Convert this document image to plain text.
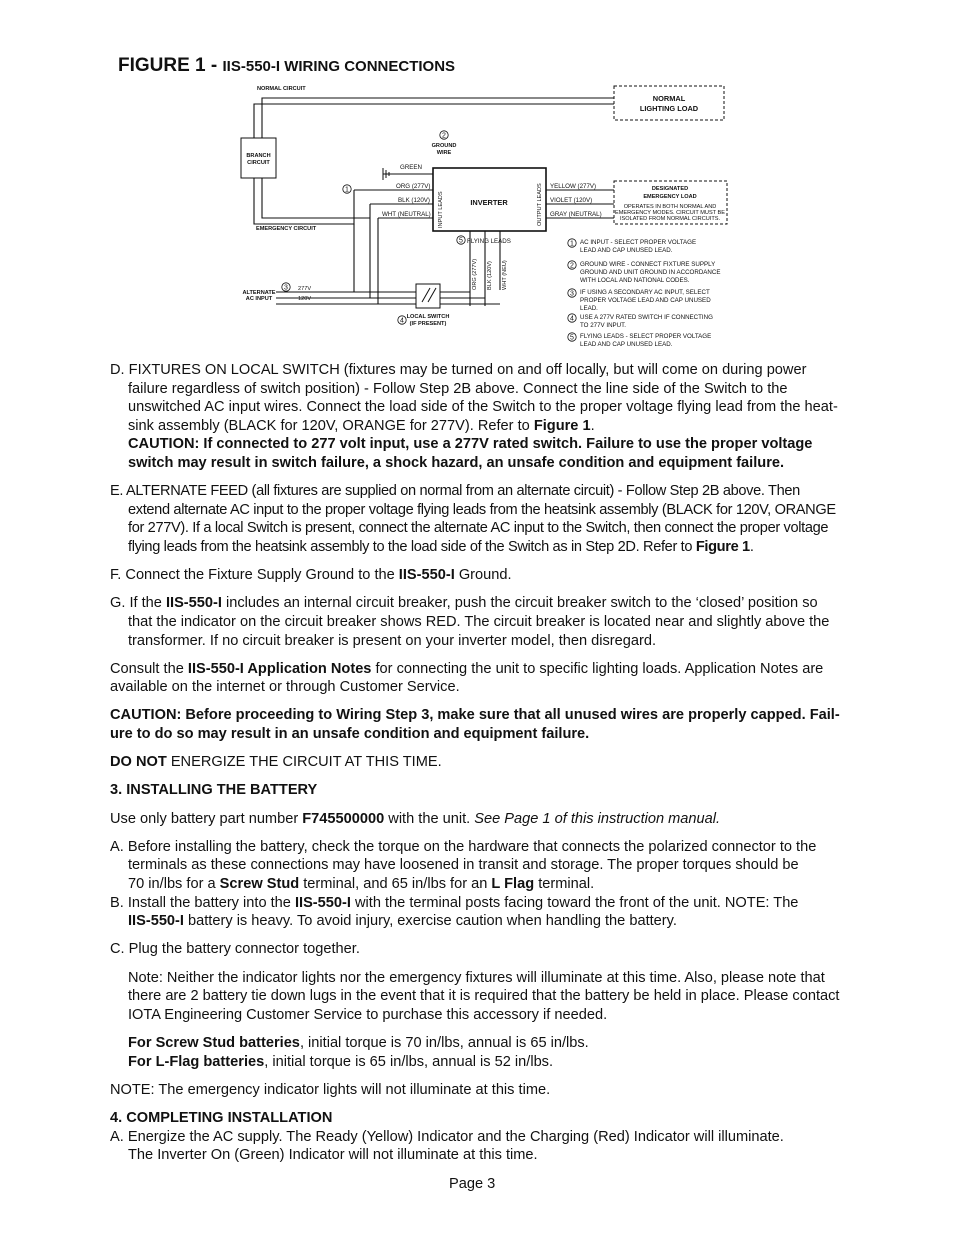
FIGURE 1 - IIS-550-I WIRING CONNECTIONS
NORMAL CIRCUIT
NORMAL
LIGHTING LOAD
BRANCH
CIRCUIT
EMERGENCY CIRCUIT
GREEN
2
GROUND
WIRE
1	ORG (277V)
BLK (120V)
WHT (NEUTRAL) INPUT LEADS	INVERTER	OUTPUT LEADS
5 FLYING LEADS
YELLOW (277V)
VIOLET (120V)
GRAY (NEUTRAL)
DESIGNATED
EMERGENCY LOAD
OPERATES IN BOTH NORMAL AND
EMERGENCY MODES. CIRCUIT MUST BE
ISOLATED FROM NORMAL CIRCUITS.
ORG (277V) BLK (120V) WHT (NEU)
ALTERNATE
AC INPUT
3 277V
120V
4
LOCAL SWITCH
(IF PRESENT)
1 AC INPUT - SELECT PROPER VOLTAGE
LEAD AND CAP UNUSED LEAD.
2 GROUND WIRE - CONNECT FIXTURE SUPPLY
GROUND AND UNIT GROUND IN ACCORDANCE
WITH LOCAL AND NATIONAL CODES.
3 IF USING A SECONDARY AC INPUT, SELECT
PROPER VOLTAGE LEAD AND CAP UNUSED
LEAD.
4 USE A 277V RATED SWITCH IF CONNECTING
TO 277V INPUT.
5 FLYING LEADS - SELECT PROPER VOLTAGE
LEAD AND CAP UNUSED LEAD.

D. FIXTURES ON LOCAL SWITCH (fixtures may be turned on and off locally, but will come on during power

failure regardless of switch position) - Follow Step 2B above. Connect the line side of the Switch to the

unswitched AC input wires. Connect the load side of the Switch to the proper voltage flying lead from the heat-

sink assembly (BLACK for 120V, ORANGE for 277V). Refer to Figure 1.

CAUTION: If connected to 277 volt input, use a 277V rated switch. Failure to use the proper voltage

switch may result in switch failure, a shock hazard, an unsafe condition and equipment failure.

E. ALTERNATE FEED (all fixtures are supplied on normal from an alternate circuit) - Follow Step 2B above. Then

extend alternate AC input to the proper voltage flying leads from the heatsink assembly (BLACK for 120V, ORANGE

for 277V). If a local Switch is present, connect the alternate AC input to the Switch, then connect the proper voltage

flying leads from the heatsink assembly to the load side of the Switch as in Step 2D. Refer to Figure 1.

F. Connect the Fixture Supply Ground to the IIS-550-I Ground.

G. If the IIS-550-I includes an internal circuit breaker, push the circuit breaker switch to the ‘closed’ position so

that the indicator on the circuit breaker shows RED. The circuit breaker is located near and slightly above the

transformer. If no circuit breaker is present on your inverter model, then disregard.

Consult the IIS-550-I Application Notes for connecting the unit to specific lighting loads. Application Notes are

available on the internet or through Customer Service.

CAUTION: Before proceeding to Wiring Step 3, make sure that all unused wires are properly capped. Fail-

ure to do so may result in an unsafe condition and equipment failure.

DO NOT ENERGIZE THE CIRCUIT AT THIS TIME.

3. INSTALLING THE BATTERY

Use only battery part number F745500000 with the unit. See Page 1 of this instruction manual.

A. Before installing the battery, check the torque on the hardware that connects the polarized connector to the

terminals as these connections may have loosened in transit and storage. The proper torques should be

70 in/lbs for a Screw Stud terminal, and 65 in/lbs for an L Flag terminal.

B. Install the battery into the IIS-550-I with the terminal posts facing toward the front of the unit. NOTE: The

IIS-550-I battery is heavy. To avoid injury, exercise caution when handling the battery.

C. Plug the battery connector together.

Note: Neither the indicator lights nor the emergency fixtures will illuminate at this time. Also, please note that

there are 2 battery tie down lugs in the event that it is required that the battery be held in place. Please contact

IOTA Engineering Customer Service to purchase this accessory if needed.

For Screw Stud batteries, initial torque is 70 in/lbs, annual is 65 in/lbs.

For L-Flag batteries, initial torque is 65 in/lbs, annual is 52 in/lbs.

NOTE: The emergency indicator lights will not illuminate at this time.

4. COMPLETING INSTALLATION

A. Energize the AC supply. The Ready (Yellow) Indicator and the Charging (Red) Indicator will illuminate.

The Inverter On (Green) Indicator will not illuminate at this time.

Page 3
